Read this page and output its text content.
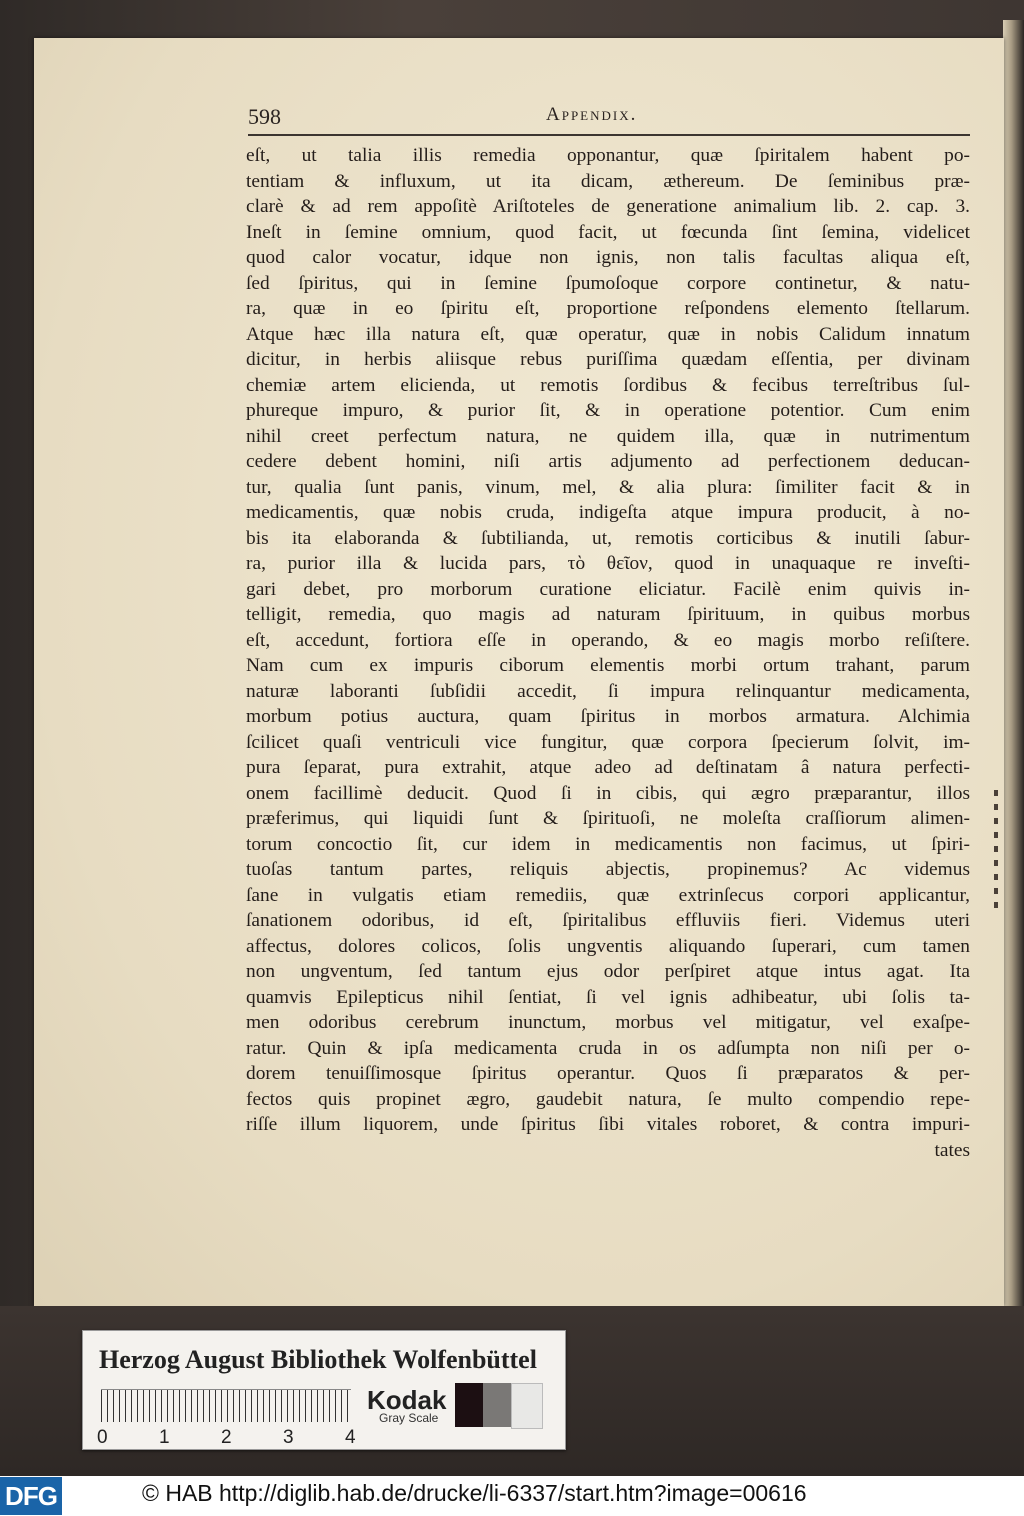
598	Appendix.
eſt, ut talia illis remedia opponantur, quæ ſpiritalem habent po-
tentiam & influxum, ut ita dicam, æthereum. De ſeminibus præ-
clarè & ad rem appoſitè Ariſtoteles de generatione animalium lib. 2. cap. 3.
Ineſt in ſemine omnium, quod facit, ut fœcunda ſint ſemina, videlicet
quod calor vocatur, idque non ignis, non talis facultas aliqua eſt,
ſed ſpiritus, qui in ſemine ſpumoſoque corpore continetur, & natu-
ra, quæ in eo ſpiritu eſt, proportione reſpondens elemento ſtellarum.
Atque hæc illa natura eſt, quæ operatur, quæ in nobis Calidum innatum
dicitur, in herbis aliisque rebus puriſſima quædam eſſentia, per divinam
chemiæ artem elicienda, ut remotis ſordibus & fecibus terreſtribus ſul-
phureque impuro, & purior ſit, & in operatione potentior. Cum enim
nihil creet perfectum natura, ne quidem illa, quæ in nutrimentum
cedere debent homini, niſi artis adjumento ad perfectionem deducan-
tur, qualia ſunt panis, vinum, mel, & alia plura: ſimiliter facit & in
medicamentis, quæ nobis cruda, indigeſta atque impura producit, à no-
bis ita elaboranda & ſubtilianda, ut, remotis corticibus & inutili ſabur-
ra, purior illa & lucida pars, τὸ θεῖον, quod in unaquaque re inveſti-
gari debet, pro morborum curatione eliciatur. Facilè enim quivis in-
telligit, remedia, quo magis ad naturam ſpirituum, in quibus morbus
eſt, accedunt, fortiora eſſe in operando, & eo magis morbo reſiſtere.
Nam cum ex impuris ciborum elementis morbi ortum trahant, parum
naturæ laboranti ſubſidii accedit, ſi impura relinquantur medicamenta,
morbum potius auctura, quam ſpiritus in morbos armatura. Alchimia
ſcilicet quaſi ventriculi vice fungitur, quæ corpora ſpecierum ſolvit, im-
pura ſeparat, pura extrahit, atque adeo ad deſtinatam â natura perfecti-
onem facillimè deducit. Quod ſi in cibis, qui ægro præparantur, illos
præferimus, qui liquidi ſunt & ſpirituoſi, ne moleſta craſſiorum alimen-
torum concoctio ſit, cur idem in medicamentis non facimus, ut ſpiri-
tuoſas tantum partes, reliquis abjectis, propinemus? Ac videmus
ſane in vulgatis etiam remediis, quæ extrinſecus corpori applicantur,
ſanationem odoribus, id eſt, ſpiritalibus effluviis fieri. Videmus uteri
affectus, dolores colicos, ſolis ungventis aliquando ſuperari, cum tamen
non ungventum, ſed tantum ejus odor perſpiret atque intus agat. Ita
quamvis Epilepticus nihil ſentiat, ſi vel ignis adhibeatur, ubi ſolis ta-
men odoribus cerebrum inunctum, morbus vel mitigatur, vel exaſpe-
ratur. Quin & ipſa medicamenta cruda in os adſumpta non niſi per o-
dorem tenuiſſimosque ſpiritus operantur. Quos ſi præparatos & per-
fectos quis propinet ægro, gaudebit natura, ſe multo compendio repe-
riſſe illum liquorem, unde ſpiritus ſibi vitales roboret, & contra impuri-
tates
Herzog August Bibliothek Wolfenbüttel
0	1	2	3	4
Kodak
Gray Scale
DFG	© HAB http://diglib.hab.de/drucke/li-6337/start.htm?image=00616
